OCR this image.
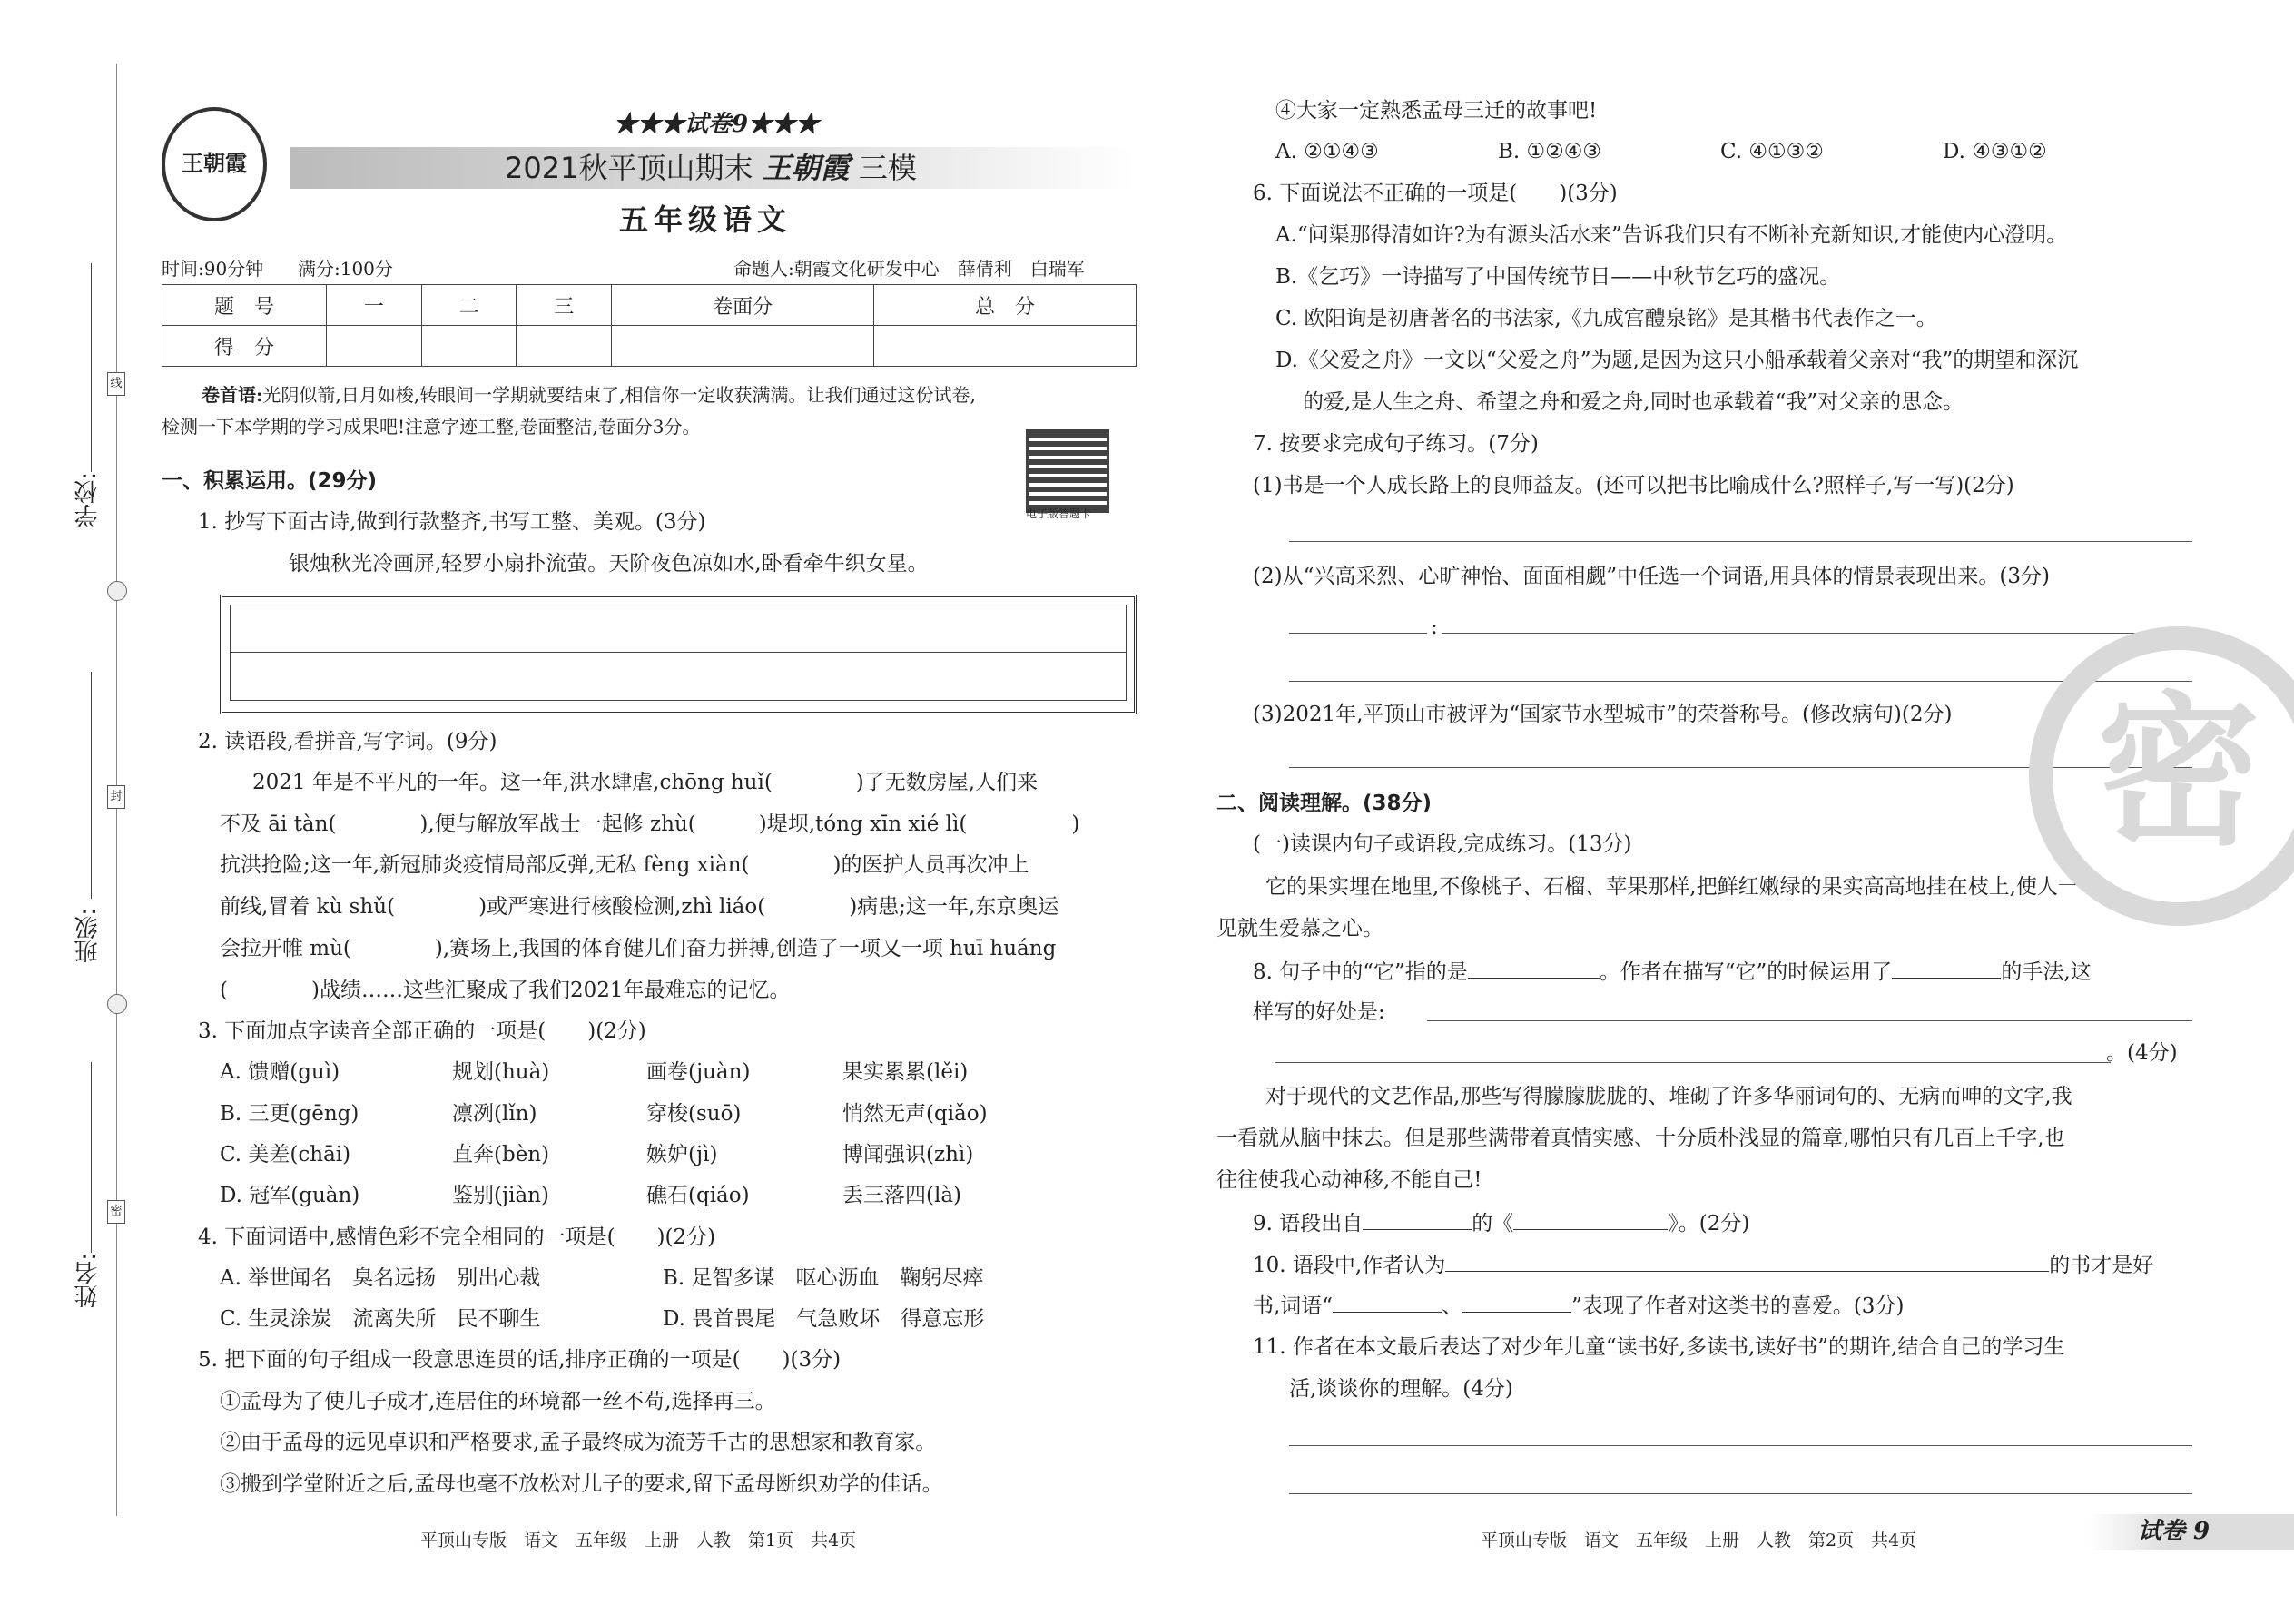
学校:
班级:
姓名:
线
封
密
王朝霞
★★★试卷9★★★
2021秋平顶山期末 王朝霞 三模
五年级语文
时间:90分钟 满分:100分	命题人:朝霞文化研发中心　薛倩利　白瑞军
题　号	一	二	三	卷面分	总　分
得　分					
卷首语:光阴似箭,日月如梭,转眼间一学期就要结束了,相信你一定收获满满。让我们通过这份试卷,
检测一下本学期的学习成果吧!注意字迹工整,卷面整洁,卷面分3分。
电子版答题卡
一、积累运用。(29分)
1. 抄写下面古诗,做到行款整齐,书写工整、美观。(3分)
银烛秋光冷画屏,轻罗小扇扑流萤。天阶夜色凉如水,卧看牵牛织女星。
2. 读语段,看拼音,写字词。(9分)
2021 年是不平凡的一年。这一年,洪水肆虐,chōng huǐ(　　　　)了无数房屋,人们来
不及 āi tàn(　　　　),便与解放军战士一起修 zhù(　　　)堤坝,tóng xīn xié lì(　　　　　)
抗洪抢险;这一年,新冠肺炎疫情局部反弹,无私 fèng xiàn(　　　　)的医护人员再次冲上
前线,冒着 kù shǔ(　　　　)或严寒进行核酸检测,zhì liáo(　　　　)病患;这一年,东京奥运
会拉开帷 mù(　　　　),赛场上,我国的体育健儿们奋力拼搏,创造了一项又一项 huī huáng
(　　　　)战绩……这些汇聚成了我们2021年最难忘的记忆。
3. 下面加点字读音全部正确的一项是(　　)(2分)
A. 馈赠(guì)	规划(huà)	画卷(juàn)	果实累累(lěi)
B. 三更(gēng)	凛冽(lǐn)	穿梭(suō)	悄然无声(qiǎo)
C. 美差(chāi)	直奔(bèn)	嫉妒(jì)	博闻强识(zhì)
D. 冠军(guàn)	鉴别(jiàn)	礁石(qiáo)	丢三落四(là)
4. 下面词语中,感情色彩不完全相同的一项是(　　)(2分)
A. 举世闻名　臭名远扬　别出心裁	B. 足智多谋　呕心沥血　鞠躬尽瘁
C. 生灵涂炭　流离失所　民不聊生	D. 畏首畏尾　气急败坏　得意忘形
5. 把下面的句子组成一段意思连贯的话,排序正确的一项是(　　)(3分)
①孟母为了使儿子成才,连居住的环境都一丝不苟,选择再三。
②由于孟母的远见卓识和严格要求,孟子最终成为流芳千古的思想家和教育家。
③搬到学堂附近之后,孟母也毫不放松对儿子的要求,留下孟母断织劝学的佳话。
平顶山专版　语文　五年级　上册　人教　第1页　共4页
④大家一定熟悉孟母三迁的故事吧!
A. ②①④③	B. ①②④③	C. ④①③②	D. ④③①②
6. 下面说法不正确的一项是(　　)(3分)
A.“问渠那得清如许?为有源头活水来”告诉我们只有不断补充新知识,才能使内心澄明。
B.《乞巧》一诗描写了中国传统节日——中秋节乞巧的盛况。
C. 欧阳询是初唐著名的书法家,《九成宫醴泉铭》是其楷书代表作之一。
D.《父爱之舟》一文以“父爱之舟”为题,是因为这只小船承载着父亲对“我”的期望和深沉
的爱,是人生之舟、希望之舟和爱之舟,同时也承载着“我”对父亲的思念。
7. 按要求完成句子练习。(7分)
(1)书是一个人成长路上的良师益友。(还可以把书比喻成什么?照样子,写一写)(2分)
(2)从“兴高采烈、心旷神怡、面面相觑”中任选一个词语,用具体的情景表现出来。(3分)
:
(3)2021年,平顶山市被评为“国家节水型城市”的荣誉称号。(修改病句)(2分)
二、阅读理解。(38分)
(一)读课内句子或语段,完成练习。(13分)
它的果实埋在地里,不像桃子、石榴、苹果那样,把鲜红嫩绿的果实高高地挂在枝上,使人一
见就生爱慕之心。
8. 句子中的“它”指的是	。作者在描写“它”的时候运用了	的手法,这
样写的好处是:
。(4分)
对于现代的文艺作品,那些写得朦朦胧胧的、堆砌了许多华丽词句的、无病而呻的文字,我
一看就从脑中抹去。但是那些满带着真情实感、十分质朴浅显的篇章,哪怕只有几百上千字,也
往往使我心动神移,不能自己!
9. 语段出自	的《	》。(2分)
10. 语段中,作者认为	的书才是好
书,词语“	、	”表现了作者对这类书的喜爱。(3分)
11. 作者在本文最后表达了对少年儿童“读书好,多读书,读好书”的期许,结合自己的学习生
活,谈谈你的理解。(4分)
平顶山专版　语文　五年级　上册　人教　第2页　共4页	试卷 9
密
